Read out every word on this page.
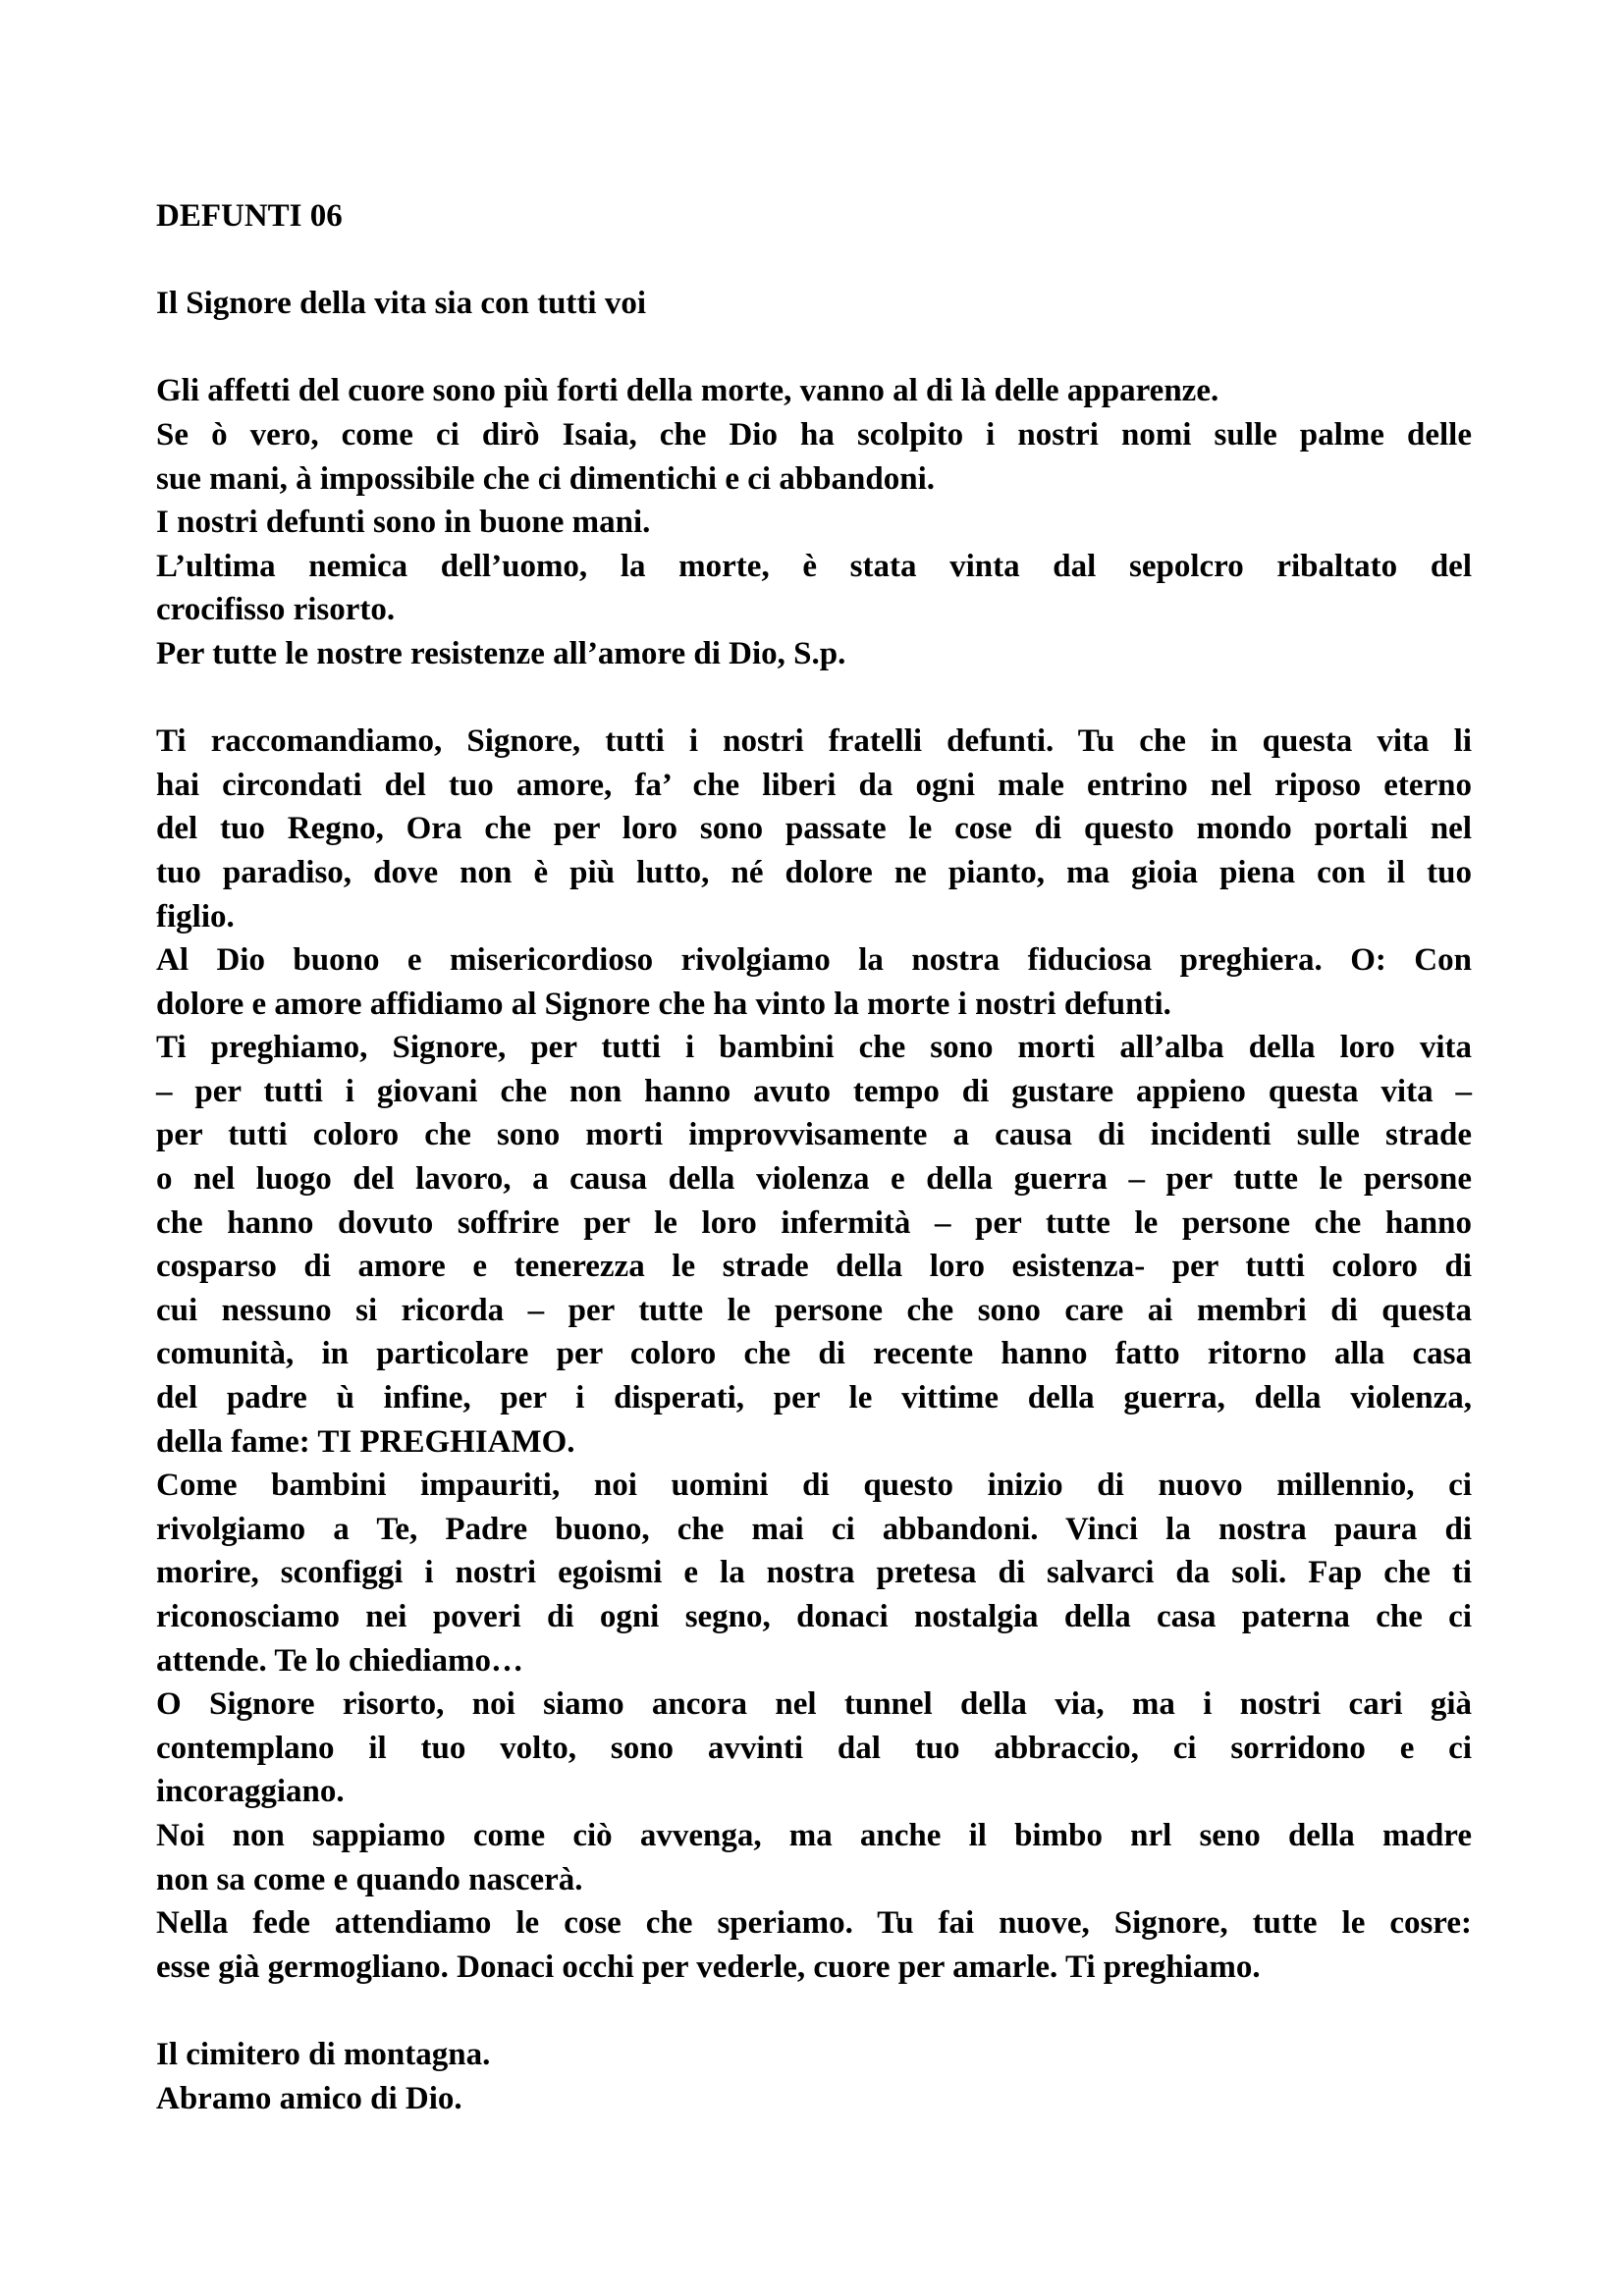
DEFUNTI 06
Il Signore della vita sia con tutti voi
Gli affetti del cuore sono più forti della morte, vanno al di là delle apparenze.
Se ò vero, come ci dirò Isaia, che Dio ha scolpito i nostri nomi sulle palme delle
sue mani, à impossibile che ci dimentichi e ci abbandoni.
I nostri defunti sono in buone mani.
L’ultima nemica dell’uomo, la morte, è stata vinta dal sepolcro ribaltato del
crocifisso risorto.
Per tutte le nostre resistenze all’amore di Dio, S.p.
Ti raccomandiamo, Signore, tutti i nostri fratelli defunti. Tu che in questa vita li
hai circondati del tuo amore, fa’ che liberi da ogni male entrino nel riposo eterno
del tuo Regno, Ora che per loro sono passate le cose di questo mondo portali nel
tuo paradiso, dove non è più lutto, né dolore ne pianto, ma gioia piena con il tuo
figlio.
Al Dio buono e misericordioso rivolgiamo la nostra fiduciosa preghiera. O: Con
dolore e amore affidiamo al Signore che ha vinto la morte i nostri defunti.
Ti preghiamo, Signore, per tutti i bambini che sono morti all’alba della loro vita
– per tutti i giovani che non hanno avuto tempo di gustare appieno questa vita –
per tutti coloro che sono morti improvvisamente a causa di incidenti sulle strade
o nel luogo del lavoro, a causa della violenza e della guerra – per tutte le persone
che hanno dovuto soffrire per le loro infermità – per tutte le persone che hanno
cosparso di amore e tenerezza le strade della loro esistenza- per tutti coloro di
cui nessuno si ricorda – per tutte le persone che sono care ai membri di questa
comunità, in particolare per coloro che di recente hanno fatto ritorno alla casa
del padre ù infine, per i disperati, per le vittime della guerra, della violenza,
della fame: TI PREGHIAMO.
Come bambini impauriti, noi uomini di questo inizio di nuovo millennio, ci
rivolgiamo a Te, Padre buono, che mai ci abbandoni. Vinci la nostra paura di
morire, sconfiggi i nostri egoismi e la nostra pretesa di salvarci da soli. Fap che ti
riconosciamo nei poveri di ogni segno, donaci nostalgia della casa paterna che ci
attende. Te lo chiediamo…
O Signore risorto, noi siamo ancora nel tunnel della via, ma i nostri cari già
contemplano il tuo volto, sono avvinti dal tuo abbraccio, ci sorridono e ci
incoraggiano.
Noi non sappiamo come ciò avvenga, ma anche il bimbo nrl seno della madre
non sa come e quando nascerà.
Nella fede attendiamo le cose che speriamo. Tu fai nuove, Signore, tutte le cosre:
esse già germogliano. Donaci occhi per vederle, cuore per amarle. Ti preghiamo.
Il cimitero di montagna.
Abramo amico di Dio.
